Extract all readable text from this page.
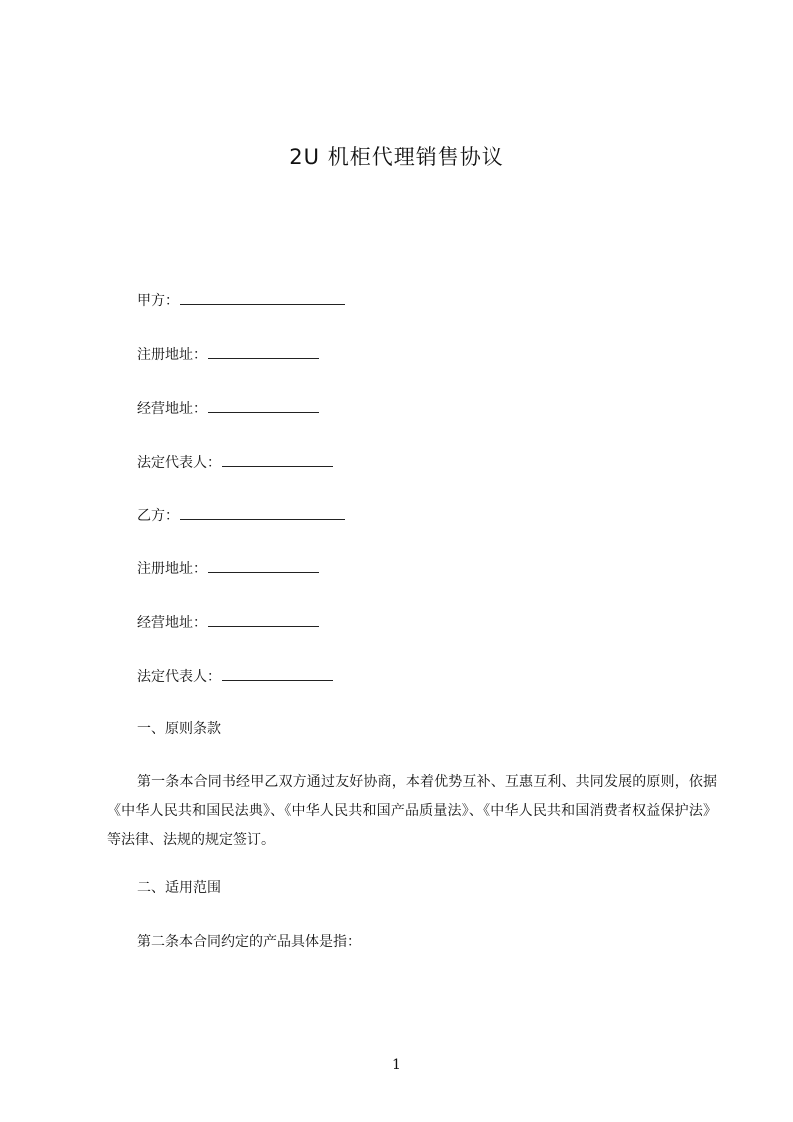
2U 机柜代理销售协议
甲方：
注册地址：
经营地址：
法定代表人：
乙方：
注册地址：
经营地址：
法定代表人：
一、原则条款
第一条本合同书经甲乙双方通过友好协商，本着优势互补、互惠互利、共同发展的原则，依据《中华人民共和国民法典》、《中华人民共和国产品质量法》、《中华人民共和国消费者权益保护法》等法律、法规的规定签订。
二、适用范围
第二条本合同约定的产品具体是指：
1
